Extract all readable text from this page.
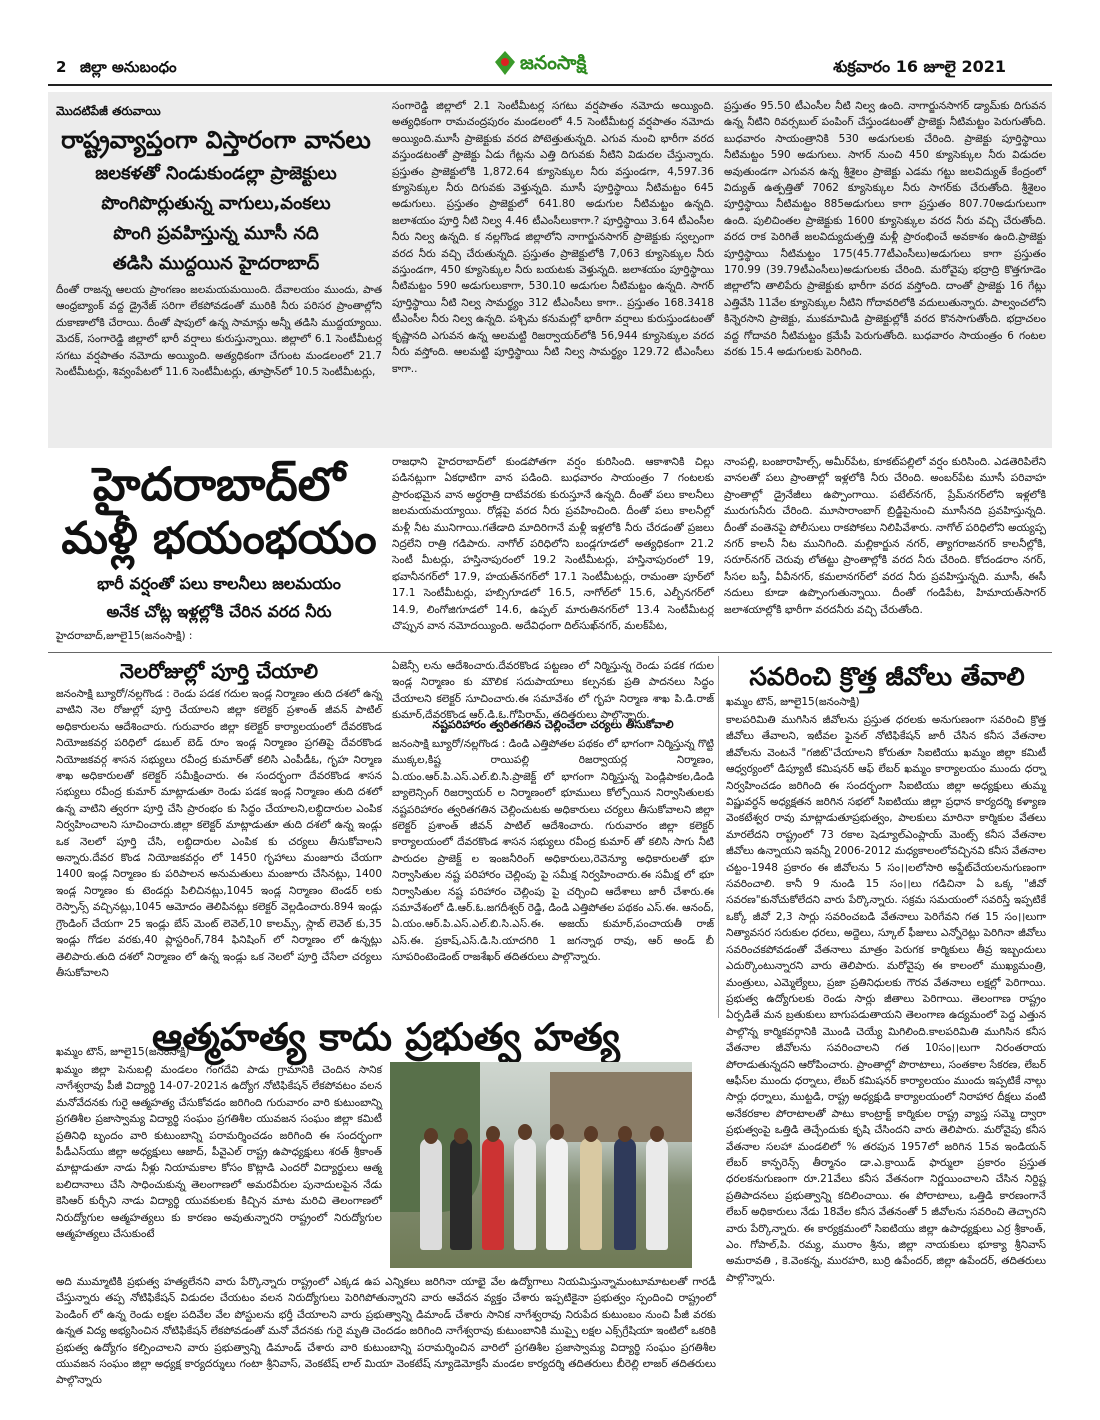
2 జిల్లా అనుబంధం	జనంసాక్షి	శుక్రవారం 16 జూలై 2021
మొదటిపేజీ తరువాయి
రాష్ట్రవ్యాప్తంగా విస్తారంగా వానలు
జలకళతో నిండుకుండల్లా ప్రాజెక్టులు
పొంగిపొర్లుతున్న వాగులు,వంకలు
పొంగి ప్రవహిస్తున్న మూసీ నది
తడిసి ముద్దయిన హైదరాబాద్
దీంతో రాజన్న ఆలయ ప్రాంగణం జలమయమయింది. దేవాలయం ముందు, పాత ఆంధ్రబ్యాంక్ వద్ద డ్రైనేజ్ సరిగా లేకపోవడంతో మురికి నీరు పరిసర ప్రాంతాల్లోని దుకాణాలోకి చేరాయి. దీంతో షాపులో ఉన్న సామాన్లు అన్నీ తడిసి ముద్దయ్యాయి. మెదక్, సంగారెడ్డి జిల్లాలో భారీ వర్షాలు కురుస్తున్నాయి. జిల్లాలో 6.1 సెంటీమీటర్ల సగటు వర్షపాతం నమోదు అయ్యింది. అత్యధికంగా చేగుంట మండలంలో 21.7 సెంటీమీటర్లు, శివ్వంపేటలో 11.6 సెంటీమీటర్లు, తూప్రాన్‌లో 10.5 సెంటీమీటర్లు,
సంగారెడ్డి జిల్లాలో 2.1 సెంటీమీటర్ల సగటు వర్షపాతం నమోదు అయ్యింది. అత్యధికంగా రామచంద్రపురం మండలంలో 4.5 సెంటీమీటర్ల వర్షపాతం నమోదు అయ్యింది.మూసీ ప్రాజెక్టుకు వరద పోటెత్తుతున్నది. ఎగువ నుంచి భారీగా వరద వస్తుండటంతో ప్రాజెక్టు ఏడు గేట్లను ఎత్తి దిగువకు నీటిని విడుదల చేస్తున్నారు. ప్రస్తుతం ప్రాజెక్టులోకి 1,872.64 క్యూసెక్కుల నీరు వస్తుండగా, 4,597.36 క్యూసెక్కుల నీరు దిగువకు వెళ్తున్నది. మూసీ పూర్తిస్థాయి నీటిమట్టం 645 అడుగులు. ప్రస్తుతం ప్రాజెక్టులో 641.80 అడుగుల నీటిమట్టం ఉన్నది. జలాశయం పూర్తి నీటి నిల్వ 4.46 టీఎంసీలుకాగా.? పూర్తిస్థాయి 3.64 టీఎంసీల నీరు నిల్వ ఉన్నది. క నల్లగొండ జిల్లాలోని నాగార్జునసాగర్ ప్రాజెక్టుకు స్వల్పంగా వరద నీరు వచ్చి చేరుతున్నది. ప్రస్తుతం ప్రాజెక్టులోకి 7,063 క్యూసెక్కుల నీరు వస్తుండగా, 450 క్యూసెక్కుల నీరు బయటకు వెళ్తున్నది. జలాశయం పూర్తిస్థాయి నీటిమట్టం 590 అడుగులుకాగా, 530.10 అడుగుల నీటిమట్టం ఉన్నది. సాగర్ పూర్తిస్థాయి నీటి నిల్వ సామర్థ్యం 312 టీఎంసీలు కాగా.. ప్రస్తుతం 168.3418 టీఎంసీల నీరు నిల్వ ఉన్నది. పశ్చిమ కనుమల్లో భారీగా వర్షాలు కురుస్తుండటంతో కృష్ణానది ఎగువన ఉన్న ఆలమట్టి రిజర్వాయర్‌లోకి 56,944 క్యూసెక్కుల వరద నీరు వస్తోంది. ఆలమట్టి పూర్తిస్థాయి నీటి నిల్వ సామర్థ్యం 129.72 టీఎంసీలు కాగా..
ప్రస్తుతం 95.50 టీఎంసీల నీటి నిల్వ ఉంది. నాగార్జునసాగర్ డ్యామ్‌కు దిగువన ఉన్న నీటిని రివర్సబుల్ పంపింగ్ చేస్తుండటంతో ప్రాజెక్టు నీటిమట్టం పెరుగుతోంది. బుధవారం సాయంత్రానికి 530 అడుగులకు చేరింది. ప్రాజెక్టు పూర్తిస్థాయి నీటిమట్టం 590 అడుగులు. సాగర్ నుంచి 450 క్యూసెక్కుల నీరు విడుదల అవుతుండగా ఎగువన ఉన్న శ్రీశైలం ప్రాజెక్టు ఎడమ గట్టు జలవిద్యుత్ కేంద్రంలో విద్యుత్ ఉత్పత్తితో 7062 క్యూసెక్కుల నీరు సాగర్‌కు చేరుతోంది. శ్రీశైలం పూర్తిస్థాయి నీటిమట్టం 885అడుగులు కాగా ప్రస్తుతం 807.70అడుగులుగా ఉంది. పులిచింతల ప్రాజెక్టుకు 1600 క్యూసెక్కుల వరద నీరు వచ్చి చేరుతోంది. వరద రాక పెరిగితే జలవిద్యుదుత్పత్తి మళ్లీ ప్రారంభించే అవకాశం ఉంది.ప్రాజెక్టు పూర్తిస్థాయి నీటిమట్టం 175(45.77టీఎంసీలు)అడుగులు కాగా ప్రస్తుతం 170.99 (39.79టీఎంసీలు)అడుగులకు చేరింది. మరోవైపు భద్రాద్రి కొత్తగూడెం జిల్లాలోని తాలిపేరు ప్రాజెక్టుకు భారీగా వరద వస్తోంది. దాంతో ప్రాజెక్టు 16 గేట్లు ఎత్తివేసి 11వేల క్యూసెక్కుల నీటిని గోదావరిలోకి వదులుతున్నారు. పాల్వంచలోని కిన్నెరసాని ప్రాజెక్టు, ముకమామిడి ప్రాజెక్టుల్లోకీ వరద కొనసాగుతోంది. భద్రాచలం వద్ద గోదావరి నీటిమట్టం క్రమేపీ పెరుగుతోంది. బుధవారం సాయంత్రం 6 గంటల వరకు 15.4 అడుగులకు పెరిగింది.
హైదరాబాద్‌లో
మళ్లీ భయంభయం
భారీ వర్షంతో పలు కాలనీలు జలమయం
అనేక చోట్ల ఇళ్లల్లోకి చేరిన వరద నీరు
హైదరాబాద్,జూలై15(జనంసాక్షి) :
రాజధాని హైదరాబాద్‌లో కుండపోతగా వర్షం కురిసింది. ఆకాశానికి చిల్లు పడినట్లుగా ఏకధాటిగా వాన పడింది. బుధవారం సాయంత్రం 7 గంటలకు ప్రారంభమైన వాన అర్ధరాత్రి దాటేవరకు కురుస్తూనే ఉన్నది. దీంతో పలు కాలనీలు జలమయమయ్యాయి. రోడ్లపై వరద నీరు ప్రవహించింది. దీంతో పలు కాలనీల్లో మళ్లీ నీట మునిగాయి.గతేడాది మాదిరిగానే మళ్లీ ఇళ్లలోకి నీరు చేరడంతో ప్రజలు నిద్రలేని రాత్రి గడిపారు. నాగోల్ పరిధిలోని బండ్లగూడలో అత్యధికంగా 21.2 సెంటీ మీటర్లు, హస్తినాపురంలో 19.2 సెంటీమీటర్లు, హస్తినాపురంలో 19, భవానీనగర్‌లో 17.9, హయత్‌నగర్‌లో 17.1 సెంటీమీటర్లు, రామంతా పూర్‌లో 17.1 సెంటీమీటర్లు, హబ్సిగూడలో 16.5, నాగోల్‌లో 15.6, ఎల్బీనగర్‌లో 14.9, లింగోజిగూడలో 14.6, ఉప్పల్ మారుతినగర్‌లో 13.4 సెంటీమీటర్ల చొప్పున వాన నమోదయ్యింది. అదేవిధంగా దిల్‌సుఖ్‌నగర్, మలక్‌పేట,
నాంపల్లి, బంజారాహిల్స్, అమీర్‌పేట, కూకట్‌పల్లిలో వర్షం కురిసింది. ఎడతెరిపిలేని వానలతో పలు ప్రాంతాల్లో ఇళ్లలోకి నీరు చేరింది. అంబర్‌పేట మూసీ పరివాహ ప్రాంతాల్లో డ్రైనేజీలు ఉప్పొంగాయి. పటేల్‌నగర్, ప్రేమ్‌నగర్‌లోని ఇళ్లలోకి మురుగునీరు చేరింది. మూసారాంబాగ్ బ్రిడ్జిపైనుంచి మూసీనది ప్రవహిస్తున్నది. దీంతో వంతెనపై పోలీసులు రాకపోకలు నిలిపివేశారు. నాగోల్ పరిధిలోని అయ్యప్ప నగర్ కాలనీ నీట మునిగింది. మల్లికార్జున నగర్, త్యాగరాజనగర్ కాలనీల్లోకి, సరూర్‌నగర్ చెరువు లోతట్టు ప్రాంతాల్లోకి వరద నీరు చేరింది. కోదండరాం నగర్, సీసల బస్తీ, వీవీనగర్, కమలానగర్‌లో వరద నీరు ప్రవహిస్తున్నది. మూసీ, ఈసీ నదులు కూడా ఉప్పొంగుతున్నాయి. దీంతో గండిపేట, హిమాయత్‌సాగర్ జలాశయాల్లోకి భారీగా వరదనీరు వచ్చి చేరుతోంది.
నెలరోజుల్లో పూర్తి చేయాలి
జనంసాక్షి బ్యూరో/నల్లగొండ : రెండు పడక గదుల ఇండ్ల నిర్మాణం తుది దశలో ఉన్న వాటిని నెల రోజుల్లో పూర్తి చేయాలని జిల్లా కలెక్టర్ ప్రశాంత్ జీవన్ పాటిల్ అధికారులను ఆదేశించారు. గురువారం జిల్లా కలెక్టర్ కార్యాలయంలో దేవరకొండ నియోజకవర్గ పరిధిలో డబుల్ బెడ్ రూం ఇండ్ల నిర్మాణం ప్రగతిపై దేవరకొండ నియోజకవర్గ శాసన సభ్యులు రవీంద్ర కుమార్‌తో కలిసి ఎంపీడీఓ, గృహ నిర్మాణ శాఖ అధికారులతో కలెక్టర్ సమీక్షించారు. ఈ సందర్భంగా దేవరకొండ శాసన సభ్యులు రవీంద్ర కుమార్ మాట్లాడుతూ రెండు పడక ఇండ్ల నిర్మాణం తుది దశలో ఉన్న వాటిని త్వరగా పూర్తి చేసి ప్రారంభం కు సిద్ధం చేయాలని,లబ్ధిదారుల ఎంపిక నిర్వహించాలని సూచించారు.జిల్లా కలెక్టర్ మాట్లాడుతూ తుది దశలో ఉన్న ఇండ్లు ఒక నెలలో పూర్తి చేసి, లబ్ధిదారుల ఎంపిక కు చర్యలు తీసుకోవాలని అన్నారు.దేవర కొండ నియోజకవర్గం లో 1450 గృహాలు మంజూరు చేయగా 1400 ఇండ్ల నిర్మాణం కు పరిపాలన అనుమతులు మంజూరు చేసినట్లు, 1400 ఇండ్ల నిర్మాణం కు టెండర్లు పిలిచినట్లు,1045 ఇండ్ల నిర్మాణం టెండర్ లకు రెస్పాన్స్ వచ్చినట్లు,1045 ఆమోదం తెలిపినట్లు కలెక్టర్ వెల్లడించారు.894 ఇండ్లు గ్రౌండింగ్ చేయగా 25 ఇండ్లు బేస్ మెంట్ లెవెల్,10 కాలమ్స్, స్లాబ్ లెవెల్ కు,35 ఇండ్లు గోడల వరకు,40 ప్లాస్టరింగ్,784 ఫినిషింగ్ లో నిర్మాణం లో ఉన్నట్లు తెలిపారు.తుది దశలో నిర్మాణం లో ఉన్న ఇండ్లు ఒక నెలలో పూర్తి చేసేలా చర్యలు తీసుకోవాలని
ఏజెన్సీ లను ఆదేశించారు.దేవరకొండ పట్టణం లో నిర్మిస్తున్న రెండు పడక గదుల ఇండ్ల నిర్మాణం కు మౌలిక సదుపాయాలు కల్పనకు ప్రతి పాదనలు సిద్ధం చేయాలని కలెక్టర్ సూచించారు.ఈ సమావేశం లో గృహ నిర్మాణ శాఖ పి.డి.రాజ్ కుమార్,దేవరకొండ ఆర్.డి.ఓ.గోపిరామ్, తదితరులు పాల్గొన్నారు.
నష్టపరిహారం త్వరితగతిన చెల్లించేలా చర్యలు తీసుకోవాలి
జనంసాక్షి బ్యూరో/నల్లగొండ : డిండి ఎత్తిపోతల పథకం లో భాగంగా నిర్మిస్తున్న గొట్టి ముక్కల,కిష్ట రాయిపల్లి రిజర్వాయర్ల నిర్మాణం, ఏ.యం.ఆర్.పి.ఎస్.ఎల్.బి.సి.ప్రాజెక్ట్ లో భాగంగా నిర్మిస్తున్న పెండ్లిపాకల,డిండి బ్యాలెన్సింగ్ రిజర్వాయర్ ల నిర్మాణంలో భూములు కోల్పోయిన నిర్వాసితులకు నష్టపరిహారం త్వరితగతిన చెల్లించుటకు అధికారులు చర్యలు తీసుకోవాలని జిల్లా కలెక్టర్ ప్రశాంత్ జీవన్ పాటిల్ ఆదేశించారు. గురువారం జిల్లా కలెక్టర్ కార్యాలయంలో దేవరకొండ శాసన సభ్యులు రవీంద్ర కుమార్ తో కలిసి సాగు నీటి పారుదల ప్రాజెక్ట్ ల ఇంజనీరింగ్ అధికారులు,రెవెన్యూ అధికారులతో భూ నిర్వాసితుల నష్ట పరిహారం చెల్లింపు పై సమీక్ష నిర్వహించారు.ఈ సమీక్ష లో భూ నిర్వాసితుల నష్ట పరిహారం చెల్లింపు పై చర్చించి ఆదేశాలు జారీ చేశారు.ఈ సమావేశంలో డి.ఆర్.ఓ.జగదీశ్వర్ రెడ్డి, డిండి ఎత్తిపోతల పథకం ఎస్.ఈ. ఆనంద్, ఏ.యం.ఆర్.పి.ఎస్.ఎల్.బి.సి.ఎస్.ఈ. అజయ్ కుమార్,పంచాయతీ రాజ్ ఎస్.ఈ. ప్రకాష్,ఎస్.డి.సి.యాదగిరి 1 జగన్నాథ రావు, ఆర్ అండ్ బీ సూపరింటెండెంట్ రాజశేఖర్ తదితరులు పాల్గొన్నారు.
సవరించి క్రొత్త జీవోలు తేవాలి
ఖమ్మం టౌన్, జూలై15(జనంసాక్షి)
కాలపరిమితి ముగిసిన జీవోలను ప్రస్తుత ధరలకు అనుగుణంగా సవరించి క్రొత్త జీవోలు తేవాలని, ఇటీవల ఫైనల్ నోటిఫికేషన్ జారీ చేసిన కనీస వేతనాల జీవోలను వెంటనే "గజిట్"చేయాలని కోరుతూ సిఐటియు ఖమ్మం జిల్లా కమిటీ ఆధ్వర్యంలో డిప్యూటీ కమిషనర్ ఆఫ్ లేబర్ ఖమ్మం కార్యాలయం ముందు ధర్నా నిర్వహించడం జరిగింది ఈ సందర్భంగా సిఐటియు జిల్లా అధ్యక్షులు తుమ్మ విష్ణువర్ధన్ అధ్యక్షతన జరిగిన సభలో సిఐటియు జిల్లా ప్రధాన కార్యదర్శి కళ్యాణ వెంకటేశ్వర రావు మాట్లాడుతూప్రభుత్వం, పాలకులు మారినా కార్మికుల వేతలు మారలేదని రాష్ట్రంలో 73 రకాల షెడ్యూల్‌ఎంప్లాయ్ మెంట్స్ కనీస వేతనాల జీవోలు ఉన్నాయని ఇవన్నీ 2006-2012 మధ్యకాలంలోవచ్చినవి కనీస వేతనాల చట్టం-1948 ప్రకారం ఈ జీవోలను 5 సం।।లలోసారి అప్డేట్‌చేయలనుగుణంగా సవరించాలి. కానీ 9 నుండి 15 సం।।లు గడిచినా ఏ ఒక్క "జీవో సవరణ"కునోచుకోలేదని వారు పేర్కొన్నారు. సక్రమ సమయంలో సవరిస్తే ఇప్పటికే ఒక్కో జీవో 2,3 సార్లు సవరించబడి వేతనాలు పెరిగేవని గత 15 సం।।లుగా నిత్యావసర సరుకుల ధరలు, అద్దెలు, స్కూల్ ఫీజులు ఎన్నోరెట్లు పెరిగినా జీవోలు సవరించకపోవడంతో వేతనాలు మాత్రం పెరుగక కార్మికులు తీవ్ర ఇబ్బందులు ఎదుర్కొంటున్నారని వారు తెలిపారు. మరోవైపు ఈ కాలంలో ముఖ్యమంత్రి, మంత్రులు, ఎమ్మెల్యేలు, ప్రజా ప్రతినిధులకు గౌరవ వేతనాలు లక్షల్లో పెరిగాయి. ప్రభుత్వ ఉద్యోగులకు రెండు సార్లు జీతాలు పెరిగాయి. తెలంగాణ రాష్ట్రం ఏర్పడితే మన బ్రతుకులు బాగుపడుతాయని తెలంగాణ ఉద్యమంలో పెద్ద ఎత్తున పాల్గొన్న కార్మికవర్గానికి మొండి చెయ్యే మిగిలింది.కాలపరిమితి ముగిసిన కనీస వేతనాల జీవోలను సవరించాలని గత 10సం।।లుగా నిరంతరాయ పోరాడుతున్నదని ఆరోపించారు. ప్రాంతాల్లో పొరాటాలు, సంతకాల సేకరణ, లేబర్ ఆఫీస్‌ల ముందు ధర్నాలు, లేబర్ కమిషనర్ కార్యాలయం ముందు ఇప్పటికే నాల్గు సార్లు ధర్నాలు, ముట్టడి, రాష్ట్ర అధ్యక్షుడి కార్యాలయంలో నిరాహార దీక్షలు వంటి అనేకరకాల పోరాటాలతో పాటు కాంట్రాక్ట్ కార్మికుల రాష్ట్ర వ్యాప్త సమ్మె ద్వారా ప్రభుత్వంపై ఒత్తిడి తెచ్చేందుకు కృషి చేసిందని వారు తెలిపారు. మరోవైపు కనీస వేతనాల సలహా మండలిలో % తరపున 1957లో జరిగిన 15వ ఇండియన్ లేబర్ కాన్ఫరెన్స్ తీర్మానం డా.ఎ.క్రాయిడ్ ఫార్ములా ప్రకారం ప్రస్తుత ధరలకనుగుణంగా రూ.21వేలు కనీస వేతనంగా నిర్ణయించాలని చేసిన నిర్దిష్ట ప్రతిపాదనలు ప్రభుత్వాన్ని కదిలించాయి. ఈ పోరాటాలు, ఒత్తిడి కారణంగానే లేబర్ అధికారులు నేడు 18వేల కనీస వేతనంతో 5 జీవోలను సవరించి తెచ్చారని వారు పేర్కొన్నారు. ఈ కార్యక్రమంలో సిఐటియు జిల్లా ఉపాధ్యక్షులు ఎర్ర శ్రీకాంత్, ఎం. గోపాల్,పి. రమ్య, మురాం శ్రీను, జిల్లా నాయకులు భూక్యా శ్రీనివాస్ అమరావతి , కె.వెంకన్న, మురహరి, బుర్రి ఉపేందర్, జిల్లా ఉపేందర్, తదితరులు పాల్గొన్నారు.
ఆత్మహత్య కాదు ప్రభుత్వ హత్య
ఖమ్మం టౌన్, జూలై15(జనంసాక్షి)
ఖమ్మం జిల్లా పెనుబల్లి మండలం గంగదేవి పాడు గ్రామానికి చెందిన సానిక నాగేశ్వరావు పీజీ విద్యార్థి 14-07-2021న ఉద్యోగ నోటిఫికేషన్ లేకపోవటం వలన మనోవేదనకు గురై ఆత్మహత్య చేసుకోవడం జరిగింది గురువారం వారి కుటుంబాన్ని ప్రగతిశీల ప్రజాస్వామ్య విద్యార్థి సంఘం ప్రగతిశీల యువజన సంఘం జిల్లా కమిటీ ప్రతినిధి బృందం వారి కుటుంబాన్ని పరామర్శించడం జరిగింది ఈ సందర్భంగా పీడీఎస్‌యు జిల్లా అధ్యక్షులు ఆజాద్, పీవైఎల్ రాష్ట్ర ఉపాధ్యక్షులు శరత్ శ్రీకాంత్ మాట్లాడుతూ నాడు నీళ్లు నియామకాల కోసం కొట్లాడి ఎందరో విద్యార్థులు ఆత్మ బలిదానాలు చేసి సాధించుకున్న తెలంగాణలో అమరవీరుల పునాదులపైన నేడు కెసిఆర్ కుర్చీని నాడు విద్యార్థి యువకులకు కిచ్చిన మాట మరిచి తెలంగాణలో నిరుద్యోగుల ఆత్మహత్యలు కు కారణం అవుతున్నారని రాష్ట్రంలో నిరుద్యోగుల ఆత్మహత్యలు చేసుకుంటే
అది ముమ్మాటికి ప్రభుత్వ హత్యలేనని వారు పేర్కొన్నారు రాష్ట్రంలో ఎక్కడ ఉప ఎన్నికలు జరిగినా యాభై వేల ఉద్యోగాలు నియమిస్తున్నామంటూమాటలతో గారడీ చేస్తున్నారు తప్ప నోటిఫికేషన్ విడుదల చేయటం వలన నిరుద్యోగులు పెరిగిపోతున్నారని వారు ఆవేదన వ్యక్తం చేశారు ఇప్పటికైనా ప్రభుత్వం స్పందించి రాష్ట్రంలో పెండింగ్ లో ఉన్న రెండు లక్షల పదివేల వేల పోస్టులను భర్తీ చేయాలని వారు ప్రభుత్వాన్ని డిమాండ్ చేశారు సానిక నాగేశ్వరావు నిరుపేద కుటుంబం నుంచి పీజీ వరకు ఉన్నత విద్య అభ్యసించిన నోటిఫికేషన్ లేకపోవడంతో మనో వేదనకు గురై మృతి చెందడం జరిగింది నాగేశ్వరావు కుటుంబానికి ముప్పై లక్షల ఎక్స్‌గ్రేషియా ఇంటిలో ఒకరికి ప్రభుత్వ ఉద్యోగం కల్పించాలని వారు ప్రభుత్వాన్ని డిమాండ్ చేశారు వారి కుటుంబాన్ని పరామర్శించిన వారిలో ప్రగతిశీల ప్రజాస్వామ్య విద్యార్థి సంఘం ప్రగతిశీల యువజన సంఘం జిల్లా అధ్యక్ష కార్యదర్శులు గంటా శ్రీనివాస్, వెంకటేష్ లాల్ మియా వెంకటేష్ న్యూడెమోక్రసీ మండల కార్యదర్శి తదితరులు బీరెల్లి లాజర్ తదితరులు పాల్గొన్నారు
